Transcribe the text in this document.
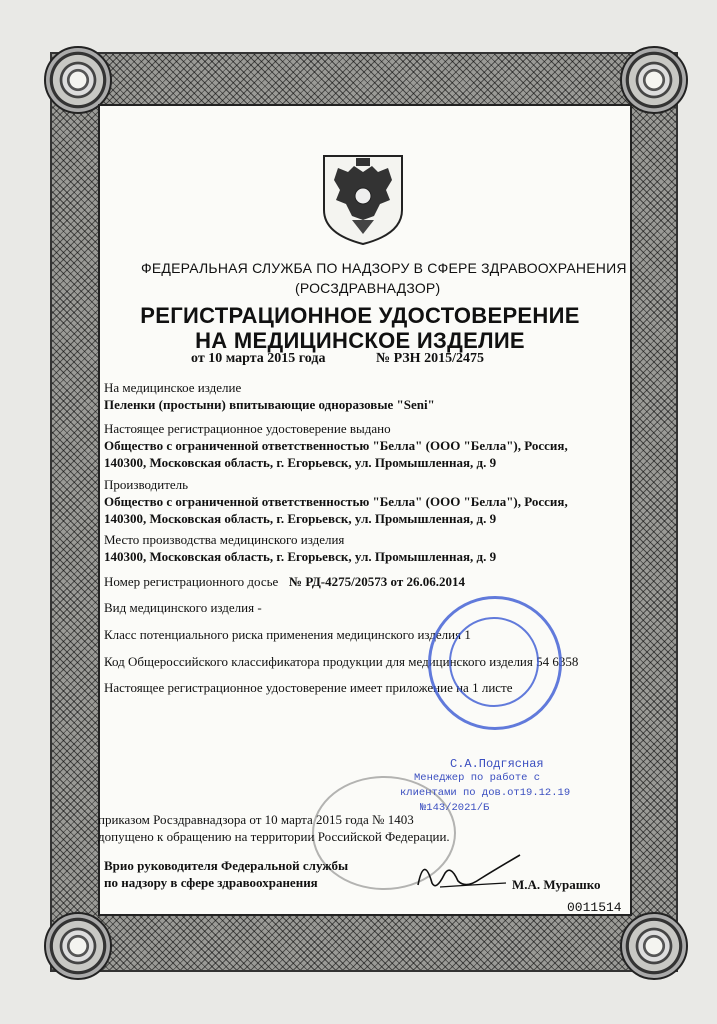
ФЕДЕРАЛЬНАЯ СЛУЖБА ПО НАДЗОРУ В СФЕРЕ ЗДРАВООХРАНЕНИЯ
(РОСЗДРАВНАДЗОР)
РЕГИСТРАЦИОННОЕ УДОСТОВЕРЕНИЕ
НА МЕДИЦИНСКОЕ ИЗДЕЛИЕ
от 10 марта 2015 года	№ РЗН 2015/2475
На медицинское изделие
Пеленки (простыни) впитывающие одноразовые "Seni"
Настоящее регистрационное удостоверение выдано
Общество с ограниченной ответственностью "Белла" (ООО "Белла"), Россия,
140300, Московская область, г. Егорьевск, ул. Промышленная, д. 9
Производитель
Общество с ограниченной ответственностью "Белла" (ООО "Белла"), Россия,
140300, Московская область, г. Егорьевск, ул. Промышленная, д. 9
Место производства медицинского изделия
140300, Московская область, г. Егорьевск, ул. Промышленная, д. 9
Номер регистрационного досье № РД-4275/20573 от 26.06.2014
Вид медицинского изделия -
Класс потенциального риска применения медицинского изделия 1
Код Общероссийского классификатора продукции для медицинского изделия 54 6358
Настоящее регистрационное удостоверение имеет приложение на 1 листе
С.А.Подгясная
Менеджер по работе с
клиентами по дов.от19.12.19
№143/2021/Б
приказом Росздравнадзора от 10 марта 2015 года № 1403
допущено к обращению на территории Российской Федерации.
Врио руководителя Федеральной службы
по надзору в сфере здравоохранения	М.А. Мурашко
0011514
